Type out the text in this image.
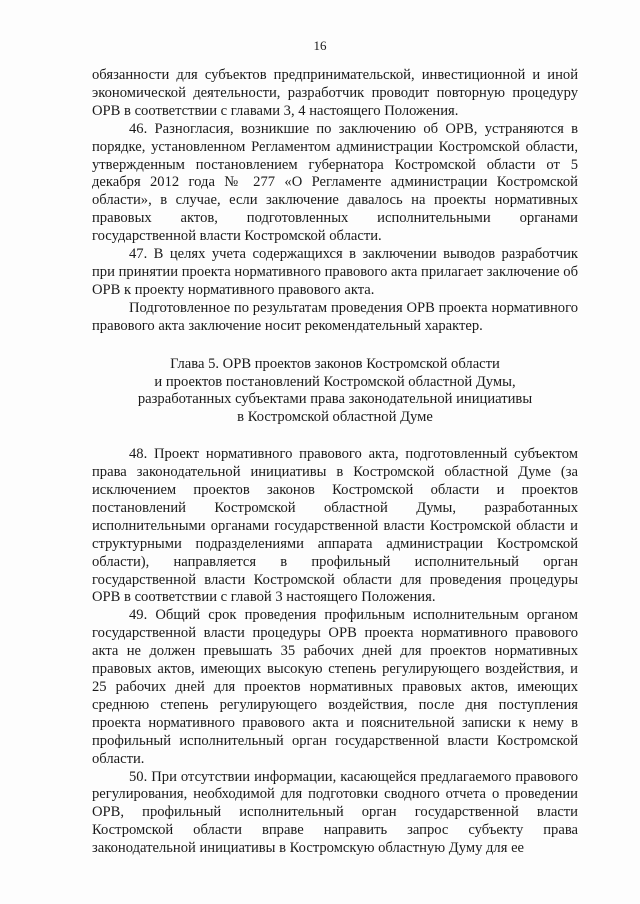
16

обязанности для субъектов предпринимательской, инвестиционной и иной экономической деятельности, разработчик проводит повторную процедуру ОРВ в соответствии с главами 3, 4 настоящего Положения.

46. Разногласия, возникшие по заключению об ОРВ, устраняются в порядке, установленном Регламентом администрации Костромской области, утвержденным постановлением губернатора Костромской области от 5 декабря 2012 года № 277 «О Регламенте администрации Костромской области», в случае, если заключение давалось на проекты нормативных правовых актов, подготовленных исполнительными органами государственной власти Костромской области.

47. В целях учета содержащихся в заключении выводов разработчик при принятии проекта нормативного правового акта прилагает заключение об ОРВ к проекту нормативного правового акта.

Подготовленное по результатам проведения ОРВ проекта нормативного правового акта заключение носит рекомендательный характер.

Глава 5. ОРВ проектов законов Костромской области
и проектов постановлений Костромской областной Думы,
разработанных субъектами права законодательной инициативы
в Костромской областной Думе

48. Проект нормативного правового акта, подготовленный субъектом права законодательной инициативы в Костромской областной Думе (за исключением проектов законов Костромской области и проектов постановлений Костромской областной Думы, разработанных исполнительными органами государственной власти Костромской области и структурными подразделениями аппарата администрации Костромской области), направляется в профильный исполнительный орган государственной власти Костромской области для проведения процедуры ОРВ в соответствии с главой 3 настоящего Положения.

49. Общий срок проведения профильным исполнительным органом государственной власти процедуры ОРВ проекта нормативного правового акта не должен превышать 35 рабочих дней для проектов нормативных правовых актов, имеющих высокую степень регулирующего воздействия, и 25 рабочих дней для проектов нормативных правовых актов, имеющих среднюю степень регулирующего воздействия, после дня поступления проекта нормативного правового акта и пояснительной записки к нему в профильный исполнительный орган государственной власти Костромской области.

50. При отсутствии информации, касающейся предлагаемого правового регулирования, необходимой для подготовки сводного отчета о проведении ОРВ, профильный исполнительный орган государственной власти Костромской области вправе направить запрос субъекту права законодательной инициативы в Костромскую областную Думу для ее
